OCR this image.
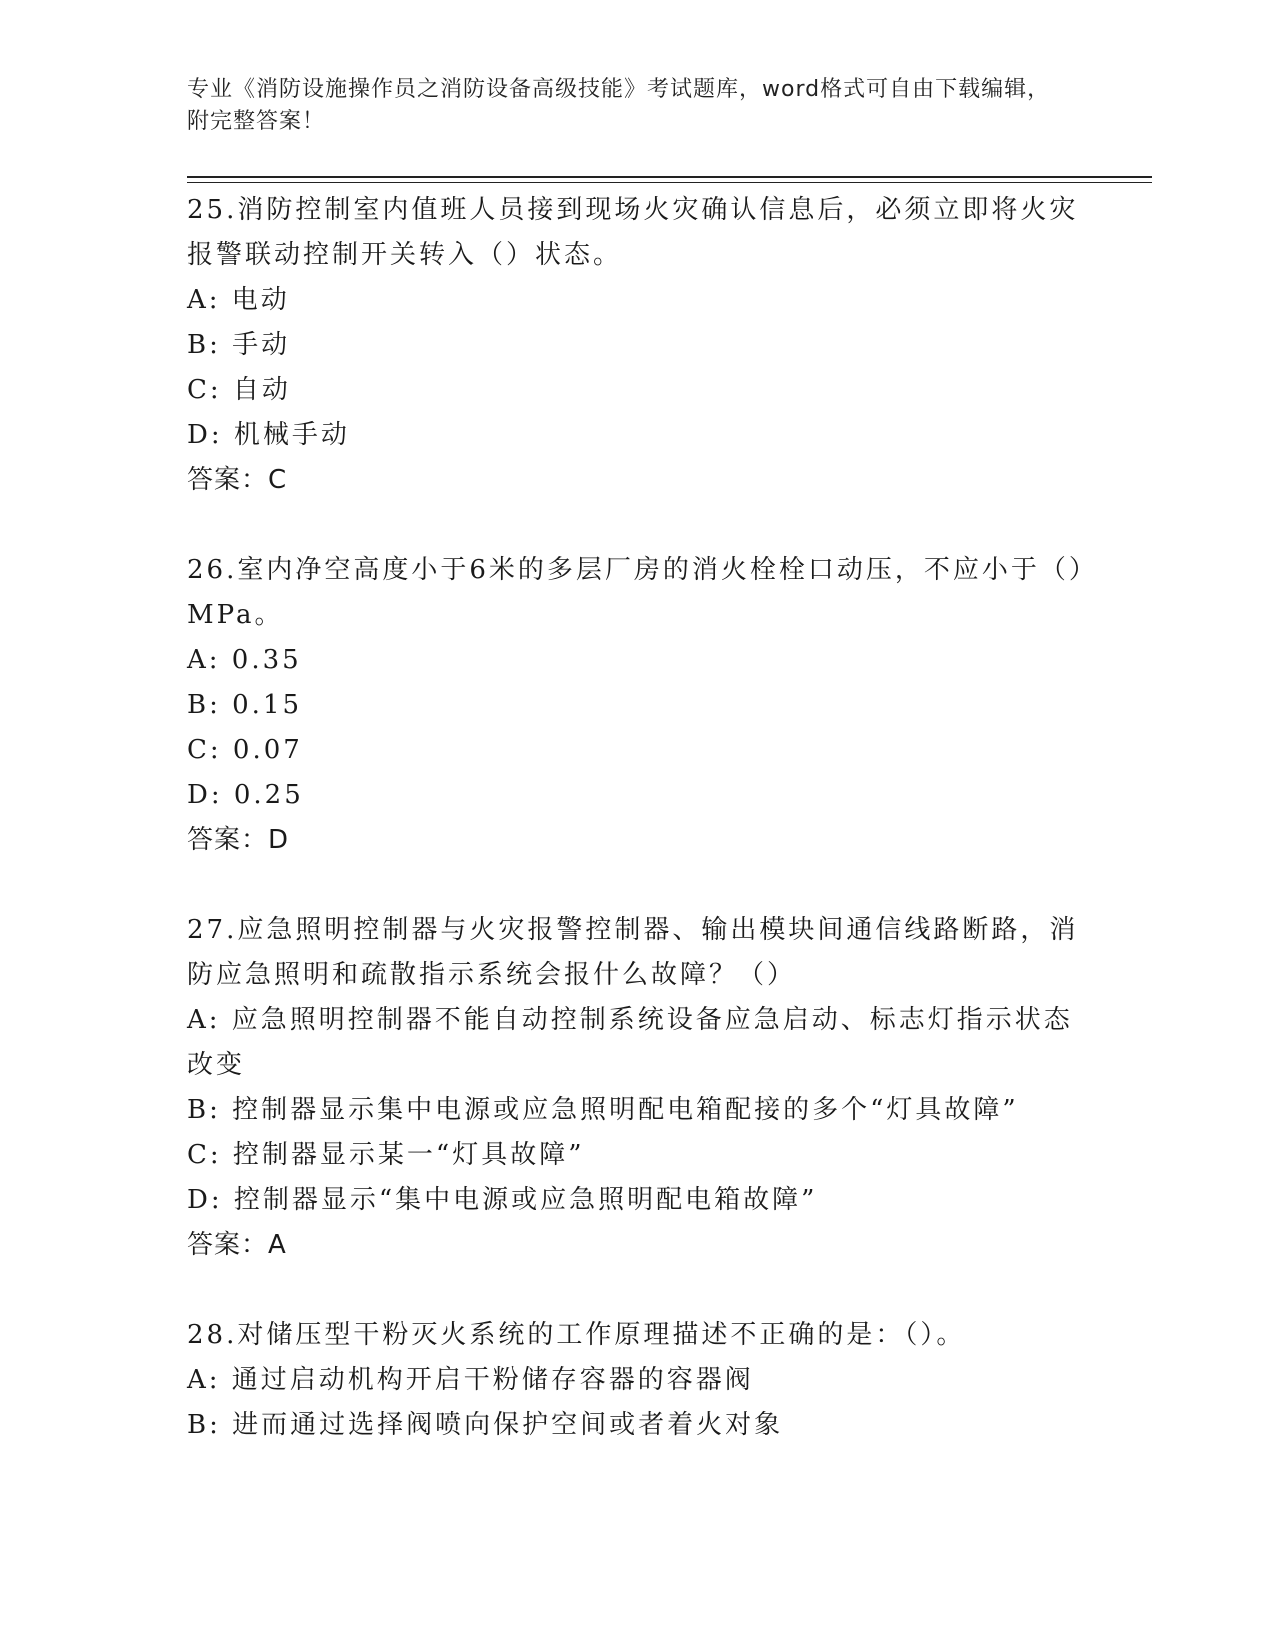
专业《消防设施操作员之消防设备高级技能》考试题库，word格式可自由下载编辑，附完整答案！

25.消防控制室内值班人员接到现场火灾确认信息后，必须立即将火灾报警联动控制开关转入（）状态。

A: 电动

B: 手动

C: 自动

D: 机械手动

答案：C

26.室内净空高度小于6米的多层厂房的消火栓栓口动压，不应小于（）MPa。

A: 0.35

B: 0.15

C: 0.07

D: 0.25

答案：D

27.应急照明控制器与火灾报警控制器、输出模块间通信线路断路，消防应急照明和疏散指示系统会报什么故障？（）

A: 应急照明控制器不能自动控制系统设备应急启动、标志灯指示状态改变

B: 控制器显示集中电源或应急照明配电箱配接的多个“灯具故障”

C: 控制器显示某一“灯具故障”

D: 控制器显示“集中电源或应急照明配电箱故障”

答案：A

28.对储压型干粉灭火系统的工作原理描述不正确的是：（）。

A: 通过启动机构开启干粉储存容器的容器阀

B: 进而通过选择阀喷向保护空间或者着火对象
